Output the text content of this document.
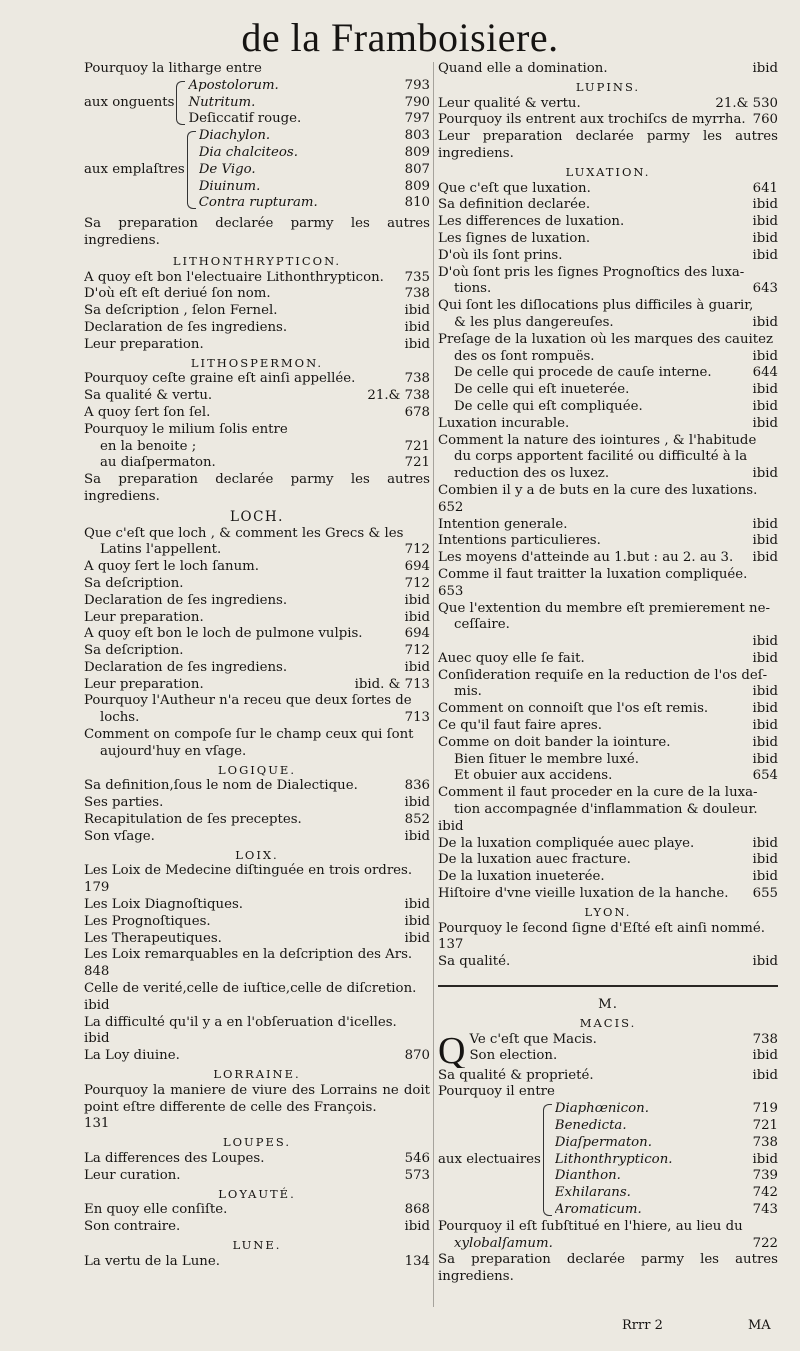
de la Framboisiere.
Pourquoy la litharge entre
aux onguents
Apostolorum.	793
Nutritum.	790
Deſiccatif rouge.	797
aux emplaſtres
Diachylon.	803
Dia chalciteos.	809
De Vigo.	807
Diuinum.	809
Contra rupturam.	810
Sa preparation declarée parmy les autres ingrediens.
LITHONTHRYPTICON.
A quoy eſt bon l'electuaire Lithonthrypticon.	735
D'où eſt eſt deriué ſon nom.	738
Sa deſcription , ſelon Fernel.	ibid
Declaration de ſes ingrediens.	ibid
Leur preparation.	ibid
LITHOSPERMON.
Pourquoy ceſte graine eſt ainſi appellée.	738
Sa qualité & vertu.	21.& 738
A quoy ſert ſon ſel.	678
Pourquoy le milium ſolis entre
en la benoite ;	721
au diaſpermaton.	721
Sa preparation declarée parmy les autres ingrediens.
LOCH.
Que c'eſt que loch , & comment les Grecs & les
Latins l'appellent.	712
A quoy ſert le loch ſanum.	694
Sa deſcription.	712
Declaration de ſes ingrediens.	ibid
Leur preparation.	ibid
A quoy eſt bon le loch de pulmone vulpis.	694
Sa deſcription.	712
Declaration de ſes ingrediens.	ibid
Leur preparation.	ibid. & 713
Pourquoy l'Autheur n'a receu que deux ſortes de
lochs.	713
Comment on compoſe ſur le champ ceux qui ſont
aujourd'huy en vſage.
LOGIQUE.
Sa definition,ſous le nom de Dialectique.	836
Ses parties.	ibid
Recapitulation de ſes preceptes.	852
Son vſage.	ibid
LOIX.
Les Loix de Medecine diſtinguée en trois ordres.
179
Les Loix Diagnoſtiques.	ibid
Les Prognoſtiques.	ibid
Les Therapeutiques.	ibid
Les Loix remarquables en la deſcription des Ars.
848
Celle de verité,celle de iuſtice,celle de diſcretion.
ibid
La difficulté qu'il y a en l'obſeruation d'icelles.
ibid
La Loy diuine.	870
LORRAINE.
Pourquoy la maniere de viure des Lorrains ne doit point eſtre differente de celle des François.
131
LOUPES.
La differences des Loupes.	546
Leur curation.	573
LOYAUTÉ.
En quoy elle conſiſte.	868
Son contraire.	ibid
LUNE.
La vertu de la Lune.	134
Quand elle a domination.	ibid
LUPINS.
Leur qualité & vertu.	21.& 530
Pourquoy ils entrent aux trochiſcs de myrrha. 760
Leur preparation declarée parmy les autres ingrediens.
LUXATION.
Que c'eſt que luxation.	641
Sa definition declarée.	ibid
Les differences de luxation.	ibid
Les ſignes de luxation.	ibid
D'où ils ſont prins.	ibid
D'où ſont pris les ſignes Prognoſtics des luxa-
tions.	643
Qui ſont les diſlocations plus difficiles à guarir,
& les plus dangereuſes.	ibid
Preſage de la luxation où les marques des cauitez
des os ſont rompuës.	ibid
De celle qui procede de cauſe interne.	644
De celle qui eſt inueterée.	ibid
De celle qui eſt compliquée.	ibid
Luxation incurable.	ibid
Comment la nature des iointures , & l'habitude
du corps apportent facilité ou difficulté à la
reduction des os luxez.	ibid
Combien il y a de buts en la cure des luxations.
652
Intention generale.	ibid
Intentions particulieres.	ibid
Les moyens d'atteinde au 1.but : au 2. au 3.	ibid
Comme il faut traitter la luxation compliquée.
653
Que l'extention du membre eſt premierement ne-
ceſſaire.
ibid
Auec quoy elle ſe fait.	ibid
Conſideration requiſe en la reduction de l'os deſ-
mis.	ibid
Comment on connoiſt que l'os eſt remis.	ibid
Ce qu'il faut faire apres.	ibid
Comme on doit bander la iointure.	ibid
Bien ſituer le membre luxé.	ibid
Et obuier aux accidens.	654
Comment il faut proceder en la cure de la luxa-
tion accompagnée d'inflammation & douleur.
ibid
De la luxation compliquée auec playe.	ibid
De la luxation auec fracture.	ibid
De la luxation inueterée.	ibid
Hiſtoire d'vne vieille luxation de la hanche.	655
LYON.
Pourquoy le ſecond ſigne d'Eſté eſt ainſi nommé.
137
Sa qualité.	ibid
M.
MACIS.
Q Ve c'eſt que Macis.	738
Son election.	ibid
Sa qualité & proprieté.	ibid
Pourquoy il entre
aux electuaires
Diaphœnicon.	719
Benedicta.	721
Diaſpermaton.	738
Lithonthrypticon.	ibid
Dianthon.	739
Exhilarans.	742
Aromaticum.	743
Pourquoy il eſt ſubſtitué en l'hiere, au lieu du
xylobalſamum.	722
Sa preparation declarée parmy les autres ingrediens.
Rrrr 2	MA
